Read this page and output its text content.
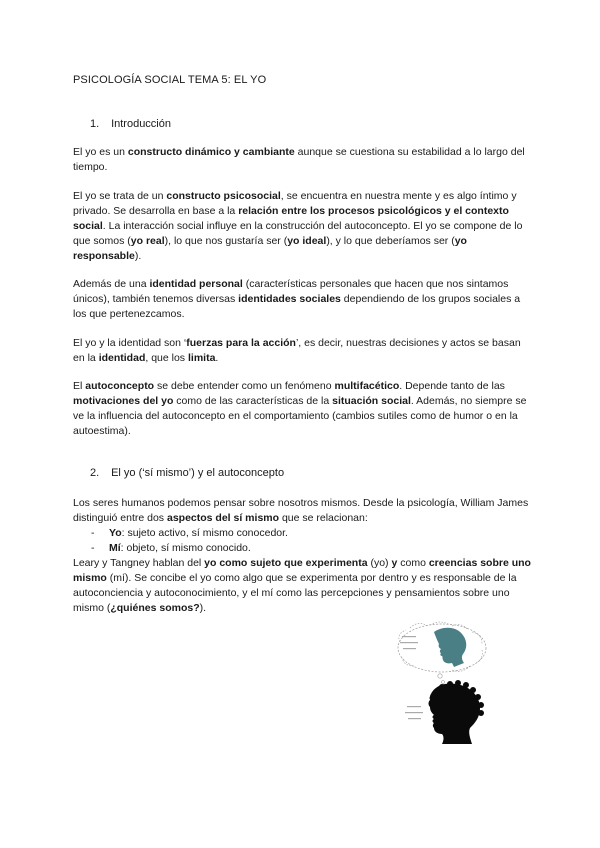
PSICOLOGÍA SOCIAL TEMA 5: EL YO
1. Introducción
El yo es un constructo dinámico y cambiante aunque se cuestiona su estabilidad a lo largo del tiempo.
El yo se trata de un constructo psicosocial, se encuentra en nuestra mente y es algo íntimo y privado. Se desarrolla en base a la relación entre los procesos psicológicos y el contexto social. La interacción social influye en la construcción del autoconcepto. El yo se compone de lo que somos (yo real), lo que nos gustaría ser (yo ideal), y lo que deberíamos ser (yo responsable).
Además de una identidad personal (características personales que hacen que nos sintamos únicos), también tenemos diversas identidades sociales dependiendo de los grupos sociales a los que pertenezcamos.
El yo y la identidad son ‘fuerzas para la acción’, es decir, nuestras decisiones y actos se basan en la identidad, que los limita.
El autoconcepto se debe entender como un fenómeno multifacético. Depende tanto de las motivaciones del yo como de las características de la situación social. Además, no siempre se ve la influencia del autoconcepto en el comportamiento (cambios sutiles como de humor o en la autoestima).
2. El yo (‘sí mismo’) y el autoconcepto
Los seres humanos podemos pensar sobre nosotros mismos. Desde la psicología, William James distinguió entre dos aspectos del sí mismo que se relacionan:
- Yo: sujeto activo, sí mismo conocedor.
- Mí: objeto, sí mismo conocido.
Leary y Tangney hablan del yo como sujeto que experimenta (yo) y como creencias sobre uno mismo (mí). Se concibe el yo como algo que se experimenta por dentro y es responsable de la autoconciencia y autoconocimiento, y el mí como las percepciones y pensamientos sobre uno mismo (¿quiénes somos?).
